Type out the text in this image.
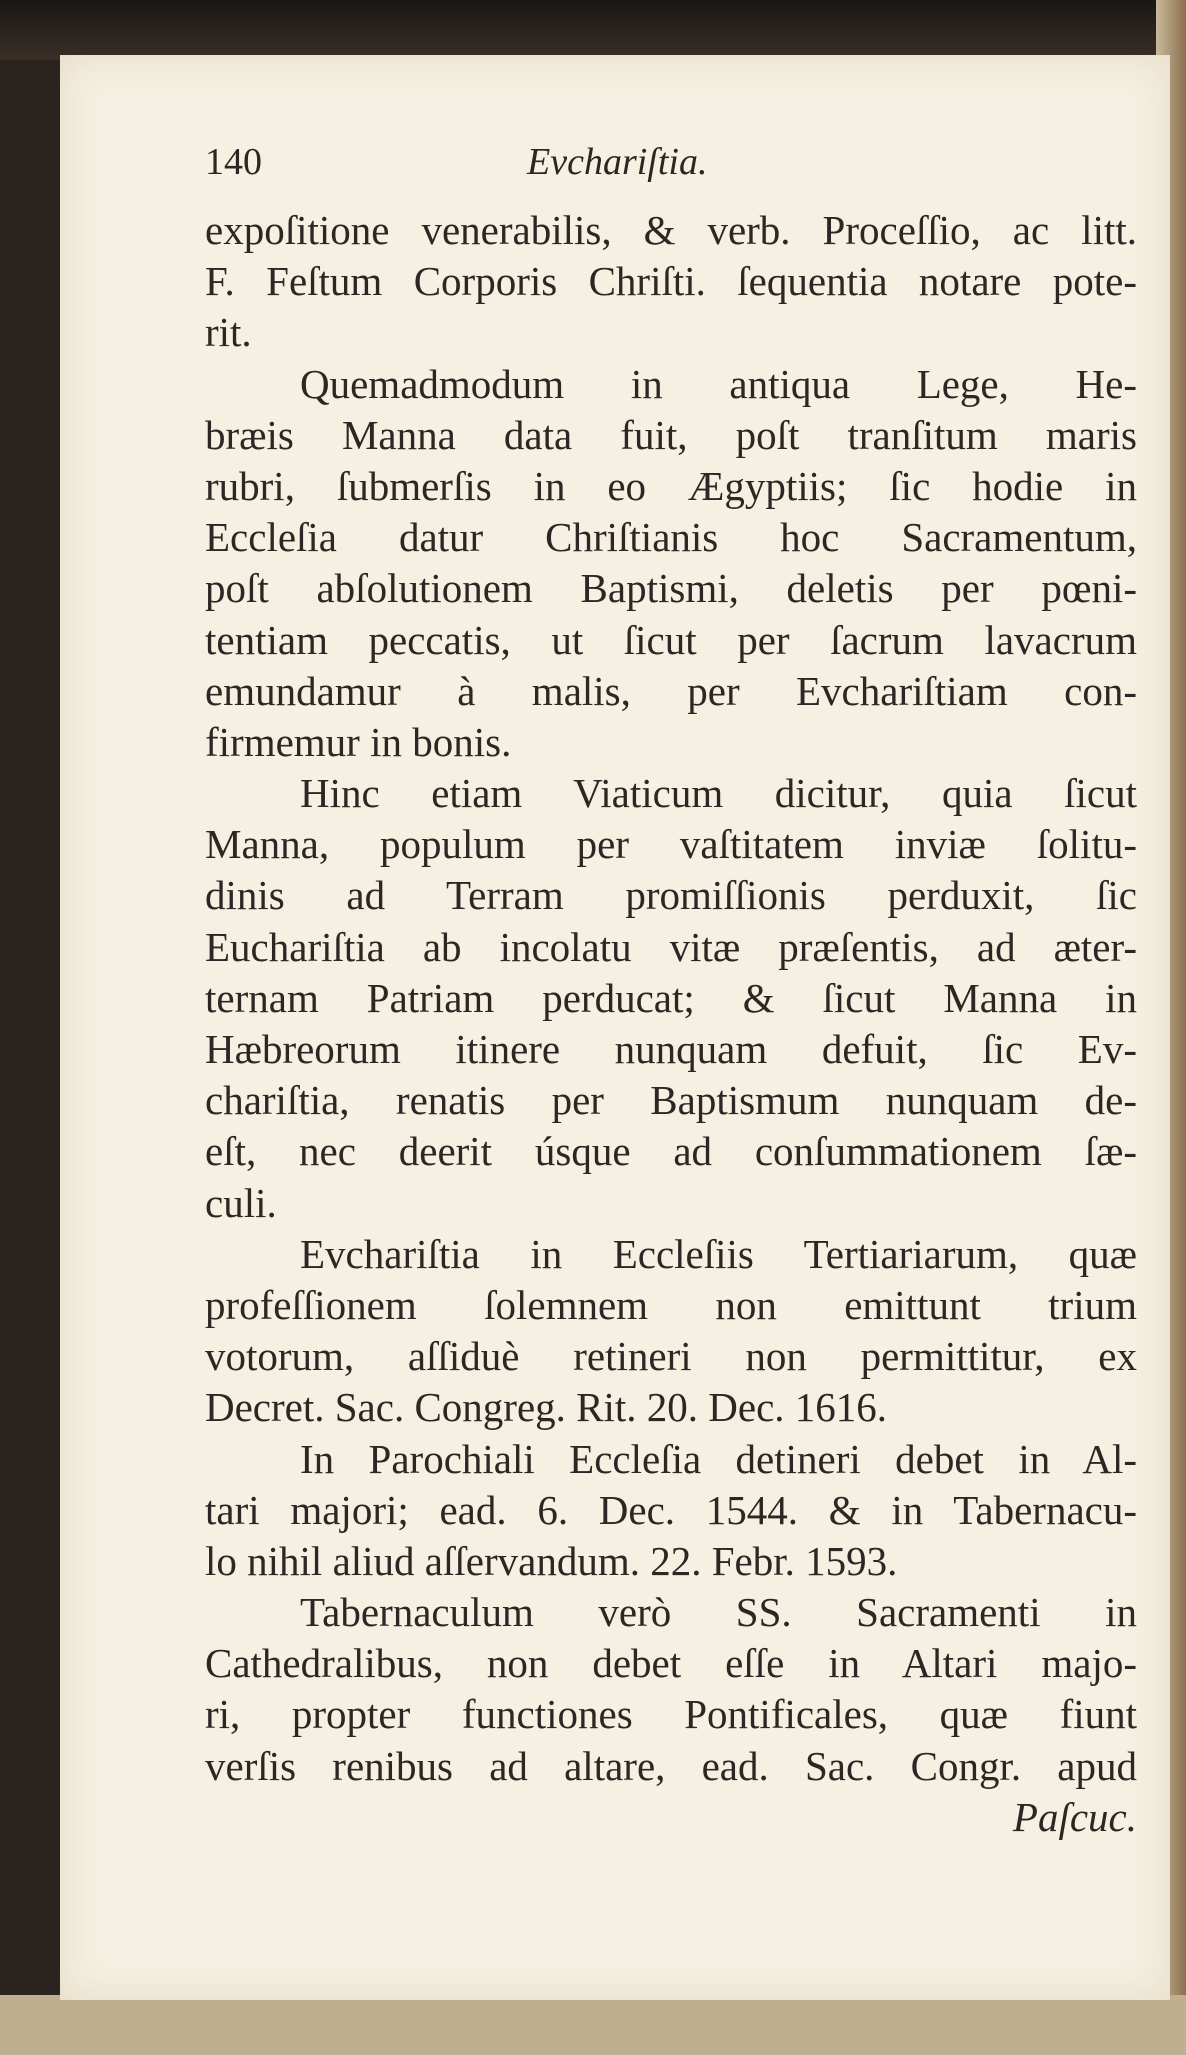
140	Evchariſtia.
expoſitione venerabilis, & verb. Proceſſio, ac litt.
F. Feſtum Corporis Chriſti. ſequentia notare pote-
rit.
Quemadmodum in antiqua Lege, He-
bræis Manna data fuit, poſt tranſitum maris
rubri, ſubmerſis in eo Ægyptiis; ſic hodie in
Eccleſia datur Chriſtianis hoc Sacramentum,
poſt abſolutionem Baptismi, deletis per pœni-
tentiam peccatis, ut ſicut per ſacrum lavacrum
emundamur à malis, per Evchariſtiam con-
firmemur in bonis.
Hinc etiam Viaticum dicitur, quia ſicut
Manna, populum per vaſtitatem inviæ ſolitu-
dinis ad Terram promiſſionis perduxit, ſic
Euchariſtia ab incolatu vitæ præſentis, ad æter-
ternam Patriam perducat; & ſicut Manna in
Hæbreorum itinere nunquam defuit, ſic Ev-
chariſtia, renatis per Baptismum nunquam de-
eſt, nec deerit úsque ad conſummationem ſæ-
culi.
Evchariſtia in Eccleſiis Tertiariarum, quæ
profeſſionem ſolemnem non emittunt trium
votorum, aſſiduè retineri non permittitur, ex
Decret. Sac. Congreg. Rit. 20. Dec. 1616.
In Parochiali Eccleſia detineri debet in Al-
tari majori; ead. 6. Dec. 1544. & in Tabernacu-
lo nihil aliud aſſervandum. 22. Febr. 1593.
Tabernaculum verò SS. Sacramenti in
Cathedralibus, non debet eſſe in Altari majo-
ri, propter functiones Pontificales, quæ fiunt
verſis renibus ad altare, ead. Sac. Congr. apud
Paſcuc.
